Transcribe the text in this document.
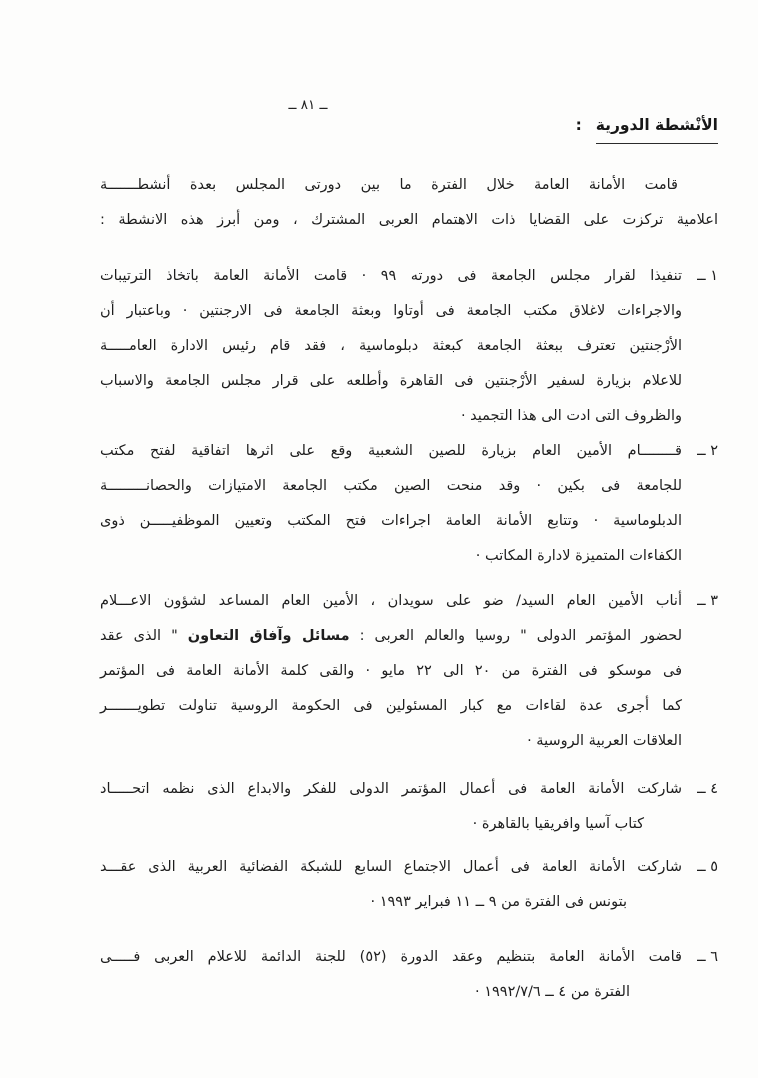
ــ ٨١ ــ
الأنْشطة الدورية:
قامت الأمانة العامة خلال الفترة ما بين دورتى المجلس بعدة أنشطـــــــة
اعلامية تركزت على القضايا ذات الاهتمام العربى المشترك ، ومن أبرز هذه الانشطة :
١ ــ
تنفيذا لقرار مجلس الجامعة فى دورته ٩٩ · قامت الأمانة العامة باتخاذ الترتيبات
والاجراءات لاغلاق مكتب الجامعة فى أوتاوا وبعثة الجامعة فى الارجنتين · وباعتبار أن
الأرْجنتين تعترف ببعثة الجامعة كبعثة دبلوماسية ، فقد قام رئيس الادارة العامـــــة
للاعلام بزيارة لسفير الأرْجنتين فى القاهرة وأطلعه على قرار مجلس الجامعة والاسباب
والظروف التى ادت الى هذا التجميد ·
٢ ــ
قــــــــام الأمين العام بزيارة للصين الشعبية وقع على اثرها اتفاقية لفتح مكتب
للجامعة فى بكين · وقد منحت الصين مكتب الجامعة الامتيازات والحصانـــــــــة
الدبلوماسية · وتتابع الأمانة العامة اجراءات فتح المكتب وتعيين الموظفيـــــن ذوى
الكفاءات المتميزة لادارة المكاتب ·
٣ ــ
أناب الأمين العام السيد/ ضو على سويدان ، الأمين العام المساعد لشؤون الاعـــلام
لحضور المؤتمر الدولى " روسيا والعالم العربى : مسائل وآفاق التعاون " الذى عقد
فى موسكو فى الفترة من ٢٠ الى ٢٢ مايو · والقى كلمة الأمانة العامة فى المؤتمر
كما أجرى عدة لقاءات مع كبار المسئولين فى الحكومة الروسية تناولت تطويـــــــر
العلاقات العربية الروسية ·
٤ ــ
شاركت الأمانة العامة فى أعمال المؤتمر الدولى للفكر والابداع الذى نظمه اتحـــــاد
كتاب آسيا وافريقيا بالقاهرة ·
٥ ــ
شاركت الأمانة العامة فى أعمال الاجتماع السابع للشبكة الفضائية العربية الذى عقـــد
بتونس فى الفترة من ٩ ــ ١١ فبراير ١٩٩٣ ·
٦ ــ
قامت الأمانة العامة بتنظيم وعقد الدورة (٥٢) للجنة الدائمة للاعلام العربى فـــــى
الفترة من ٤ ــ ١٩٩٢/٧/٦ ·
